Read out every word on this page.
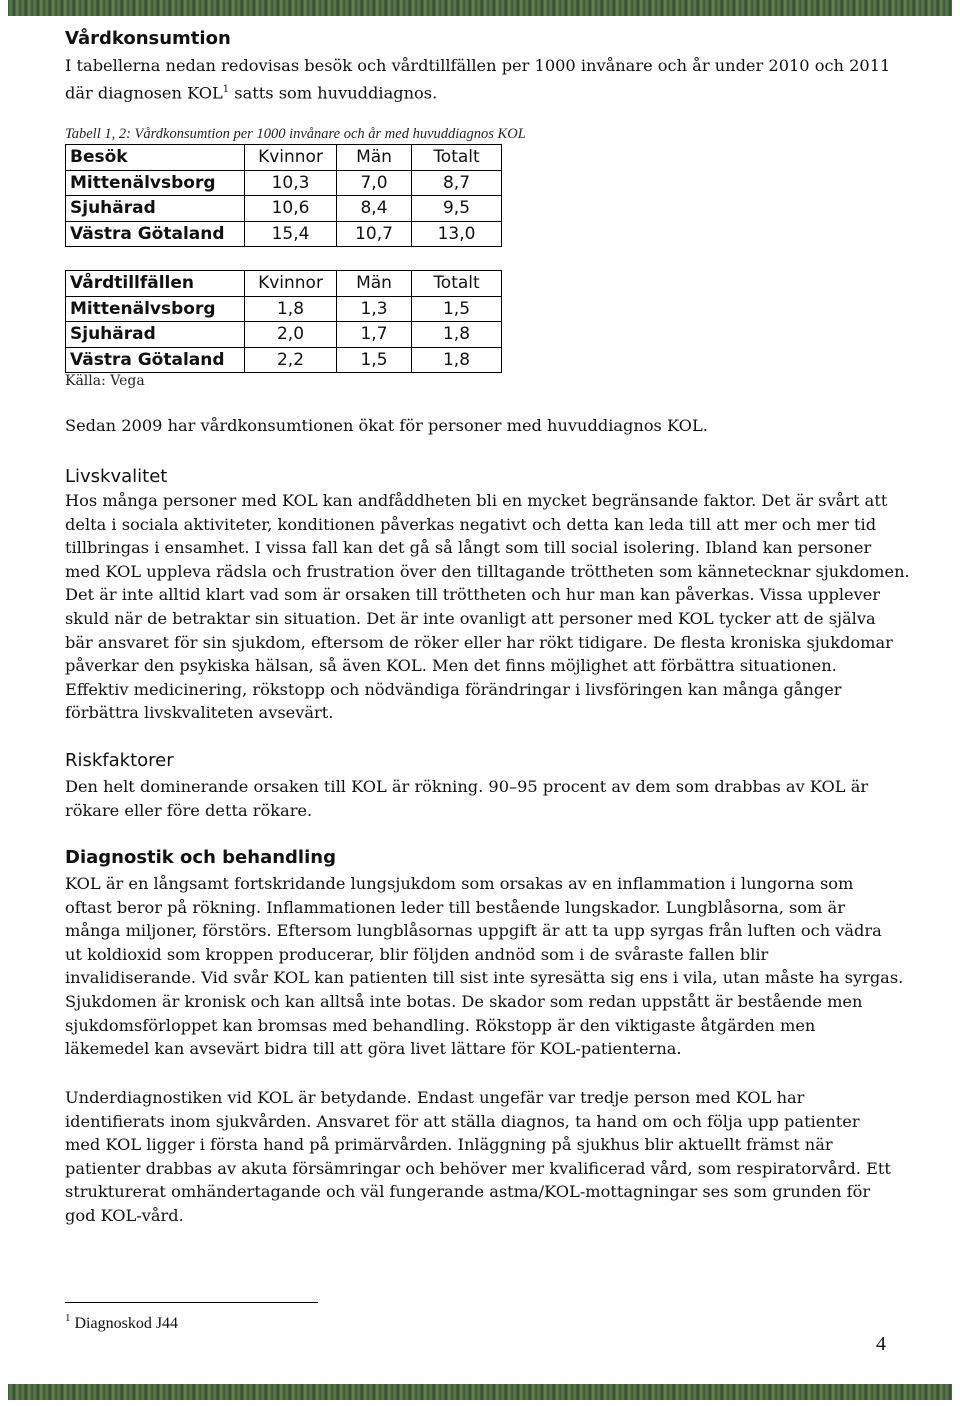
Vårdkonsumtion
I tabellerna nedan redovisas besök och vårdtillfällen per 1000 invånare och år under 2010 och 2011
där diagnosen KOL$^1$ satts som huvuddiagnos.
Tabell 1, 2: Vårdkonsumtion per 1000 invånare och år med huvuddiagnos KOL
Besök	Kvinnor	Män	Totalt
Mittenälvsborg	10,3	7,0	8,7
Sjuhärad	10,6	8,4	9,5
Västra Götaland	15,4	10,7	13,0
Vårdtillfällen	Kvinnor	Män	Totalt
Mittenälvsborg	1,8	1,3	1,5
Sjuhärad	2,0	1,7	1,8
Västra Götaland	2,2	1,5	1,8
Källa: Vega
Sedan 2009 har vårdkonsumtionen ökat för personer med huvuddiagnos KOL.
Livskvalitet
Hos många personer med KOL kan andfåddheten bli en mycket begränsande faktor. Det är svårt att
delta i sociala aktiviteter, konditionen påverkas negativt och detta kan leda till att mer och mer tid
tillbringas i ensamhet. I vissa fall kan det gå så långt som till social isolering. Ibland kan personer
med KOL uppleva rädsla och frustration över den tilltagande tröttheten som kännetecknar sjukdomen.
Det är inte alltid klart vad som är orsaken till tröttheten och hur man kan påverkas. Vissa upplever
skuld när de betraktar sin situation. Det är inte ovanligt att personer med KOL tycker att de själva
bär ansvaret för sin sjukdom, eftersom de röker eller har rökt tidigare. De flesta kroniska sjukdomar
påverkar den psykiska hälsan, så även KOL. Men det finns möjlighet att förbättra situationen.
Effektiv medicinering, rökstopp och nödvändiga förändringar i livsföringen kan många gånger
förbättra livskvaliteten avsevärt.
Riskfaktorer
Den helt dominerande orsaken till KOL är rökning. 90–95 procent av dem som drabbas av KOL är
rökare eller före detta rökare.
Diagnostik och behandling
KOL är en långsamt fortskridande lungsjukdom som orsakas av en inflammation i lungorna som
oftast beror på rökning. Inflammationen leder till bestående lungskador. Lungblåsorna, som är
många miljoner, förstörs. Eftersom lungblåsornas uppgift är att ta upp syrgas från luften och vädra
ut koldioxid som kroppen producerar, blir följden andnöd som i de svåraste fallen blir
invalidiserande. Vid svår KOL kan patienten till sist inte syresätta sig ens i vila, utan måste ha syrgas.
Sjukdomen är kronisk och kan alltså inte botas. De skador som redan uppstått är bestående men
sjukdomsförloppet kan bromsas med behandling. Rökstopp är den viktigaste åtgärden men
läkemedel kan avsevärt bidra till att göra livet lättare för KOL-patienterna.
Underdiagnostiken vid KOL är betydande. Endast ungefär var tredje person med KOL har
identifierats inom sjukvården. Ansvaret för att ställa diagnos, ta hand om och följa upp patienter
med KOL ligger i första hand på primärvården. Inläggning på sjukhus blir aktuellt främst när
patienter drabbas av akuta försämringar och behöver mer kvalificerad vård, som respiratorvård. Ett
strukturerat omhändertagande och väl fungerande astma/KOL-mottagningar ses som grunden för
god KOL-vård.
$^1$ Diagnoskod J44
4
